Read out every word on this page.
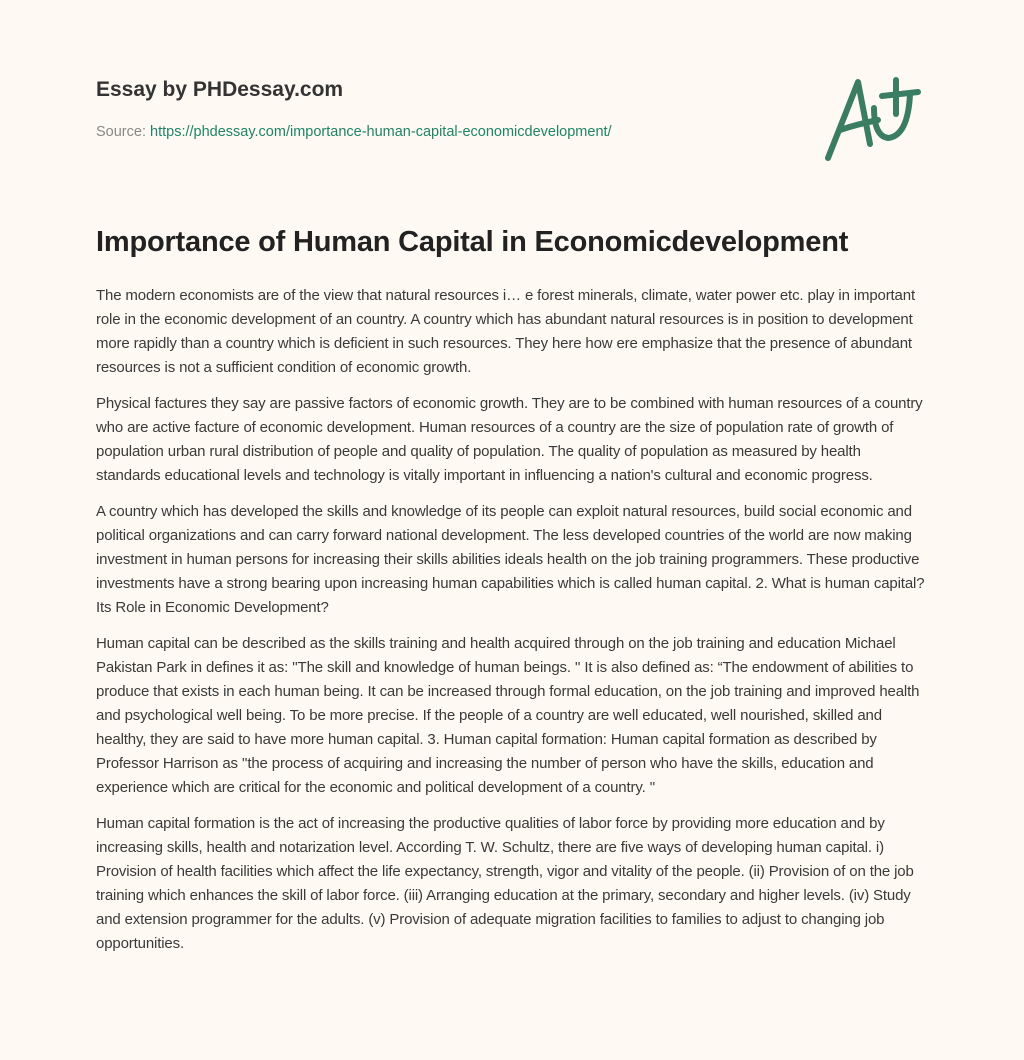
Essay by PHDessay.com
Source: https://phdessay.com/importance-human-capital-economicdevelopment/
Importance of Human Capital in Economicdevelopment

The modern economists are of the view that natural resources i… e forest minerals, climate, water power etc. play in important role in the economic development of an country. A country which has abundant natural resources is in position to development more rapidly than a country which is deficient in such resources. They here how ere emphasize that the presence of abundant resources is not a sufficient condition of economic growth.

Physical factures they say are passive factors of economic growth. They are to be combined with human resources of a country who are active facture of economic development. Human resources of a country are the size of population rate of growth of population urban rural distribution of people and quality of population. The quality of population as measured by health standards educational levels and technology is vitally important in influencing a nation's cultural and economic progress.

A country which has developed the skills and knowledge of its people can exploit natural resources, build social economic and political organizations and can carry forward national development. The less developed countries of the world are now making investment in human persons for increasing their skills abilities ideals health on the job training programmers. These productive investments have a strong bearing upon increasing human capabilities which is called human capital. 2. What is human capital? Its Role in Economic Development?

Human capital can be described as the skills training and health acquired through on the job training and education Michael Pakistan Park in defines it as: ''The skill and knowledge of human beings. '' It is also defined as: “The endowment of abilities to produce that exists in each human being. It can be increased through formal education, on the job training and improved health and psychological well being. To be more precise. If the people of a country are well educated, well nourished, skilled and healthy, they are said to have more human capital. 3. Human capital formation: Human capital formation as described by Professor Harrison as ''the process of acquiring and increasing the number of person who have the skills, education and experience which are critical for the economic and political development of a country. ''

Human capital formation is the act of increasing the productive qualities of labor force by providing more education and by increasing skills, health and notarization level. According T. W. Schultz, there are five ways of developing human capital. i) Provision of health facilities which affect the life expectancy, strength, vigor and vitality of the people. (ii) Provision of on the job training which enhances the skill of labor force. (iii) Arranging education at the primary, secondary and higher levels. (iv) Study and extension programmer for the adults. (v) Provision of adequate migration facilities to families to adjust to changing job opportunities.
